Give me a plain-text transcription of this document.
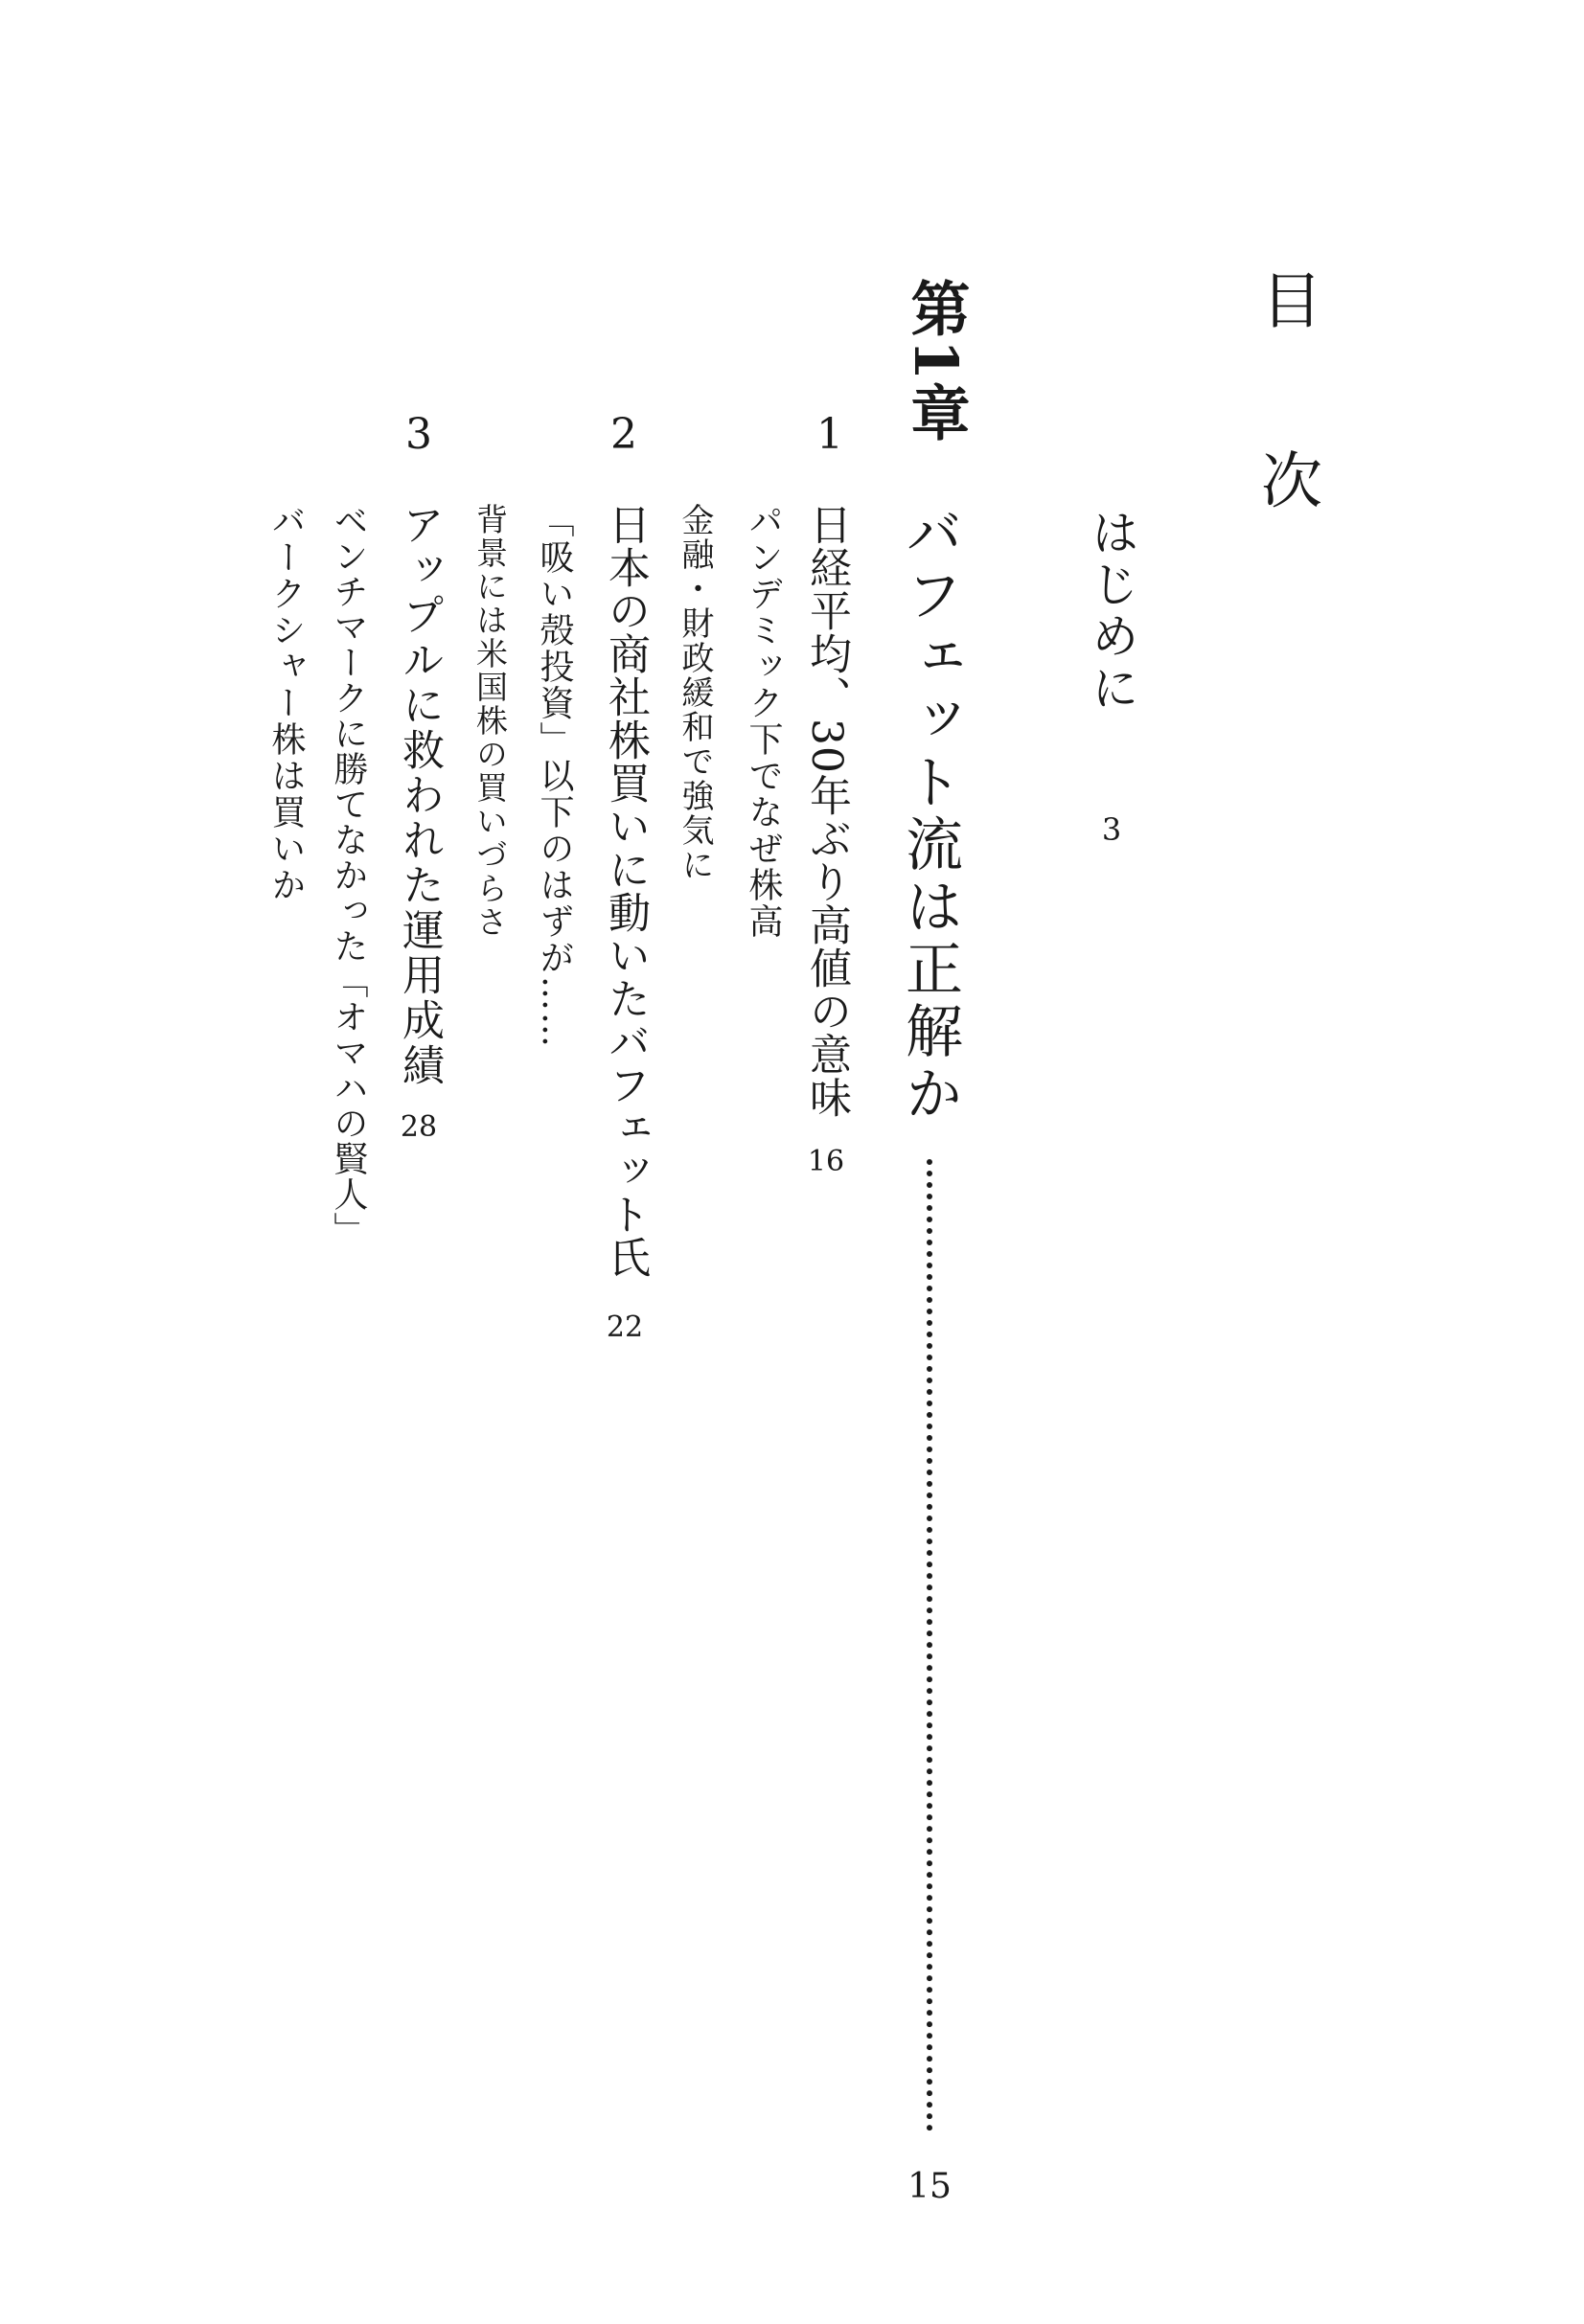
目　次
はじめに
3
第1章
バフェット流は正解か
15
1
2
3
日経平均、30年ぶり高値の意味
16
パンデミック下でなぜ株高
金融・財政緩和で強気に
日本の商社株買いに動いたバフェット氏
22
「吸い殻投資」以下のはずが……
背景には米国株の買いづらさ
アップルに救われた運用成績
28
ベンチマークに勝てなかった「オマハの賢人」
バークシャー株は買いか
